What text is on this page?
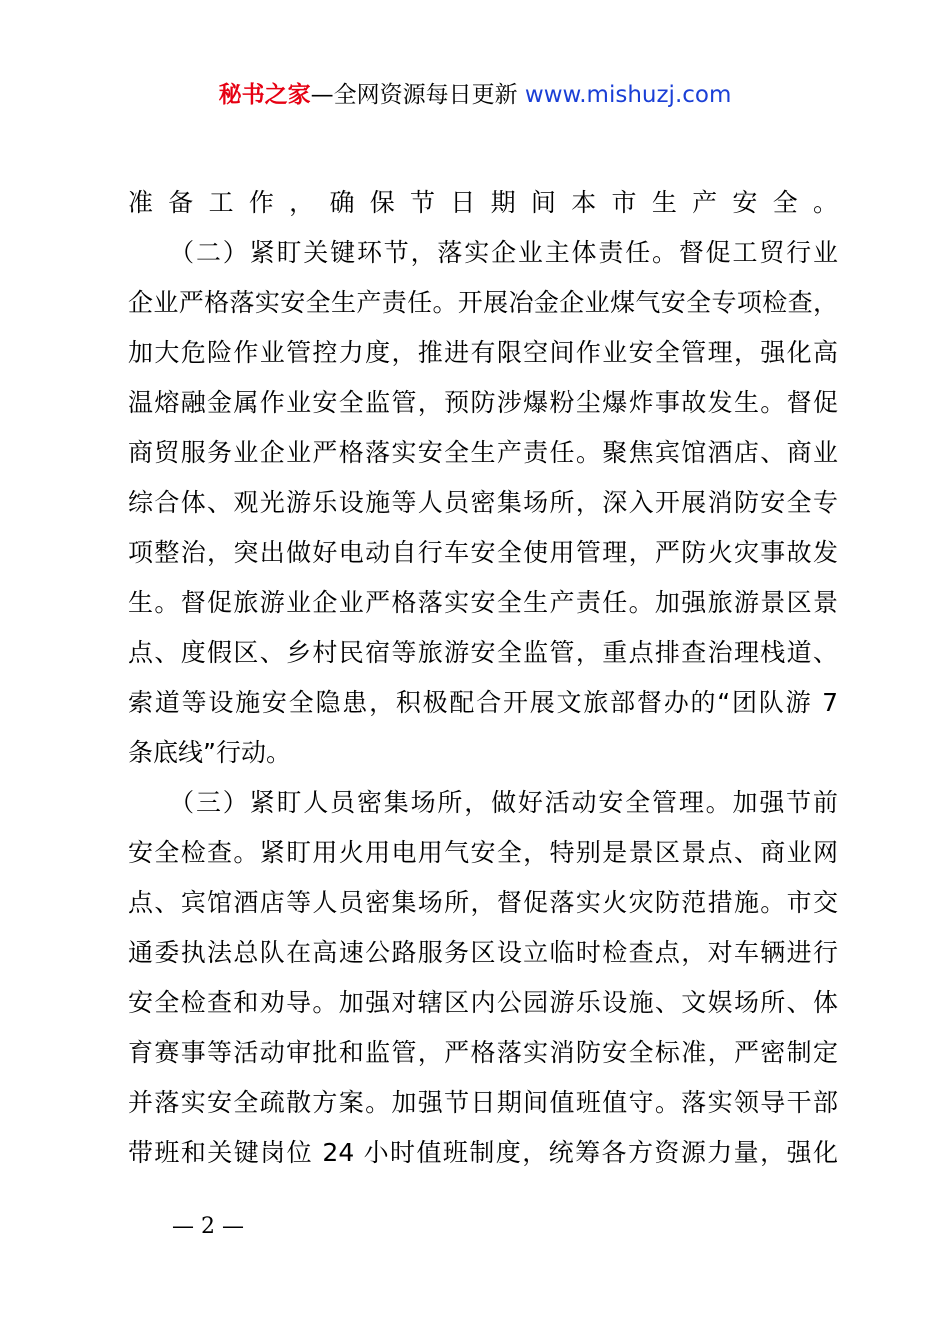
秘书之家—全网资源每日更新 www.mishuzj.com
准备工作，确保节日期间本市生产安全。
　　（二）紧盯关键环节，落实企业主体责任。督促工贸行业
企业严格落实安全生产责任。开展冶金企业煤气安全专项检查，
加大危险作业管控力度，推进有限空间作业安全管理，强化高
温熔融金属作业安全监管，预防涉爆粉尘爆炸事故发生。督促
商贸服务业企业严格落实安全生产责任。聚焦宾馆酒店、商业
综合体、观光游乐设施等人员密集场所，深入开展消防安全专
项整治，突出做好电动自行车安全使用管理，严防火灾事故发
生。督促旅游业企业严格落实安全生产责任。加强旅游景区景
点、度假区、乡村民宿等旅游安全监管，重点排查治理栈道、
索道等设施安全隐患，积极配合开展文旅部督办的“团队游 7
条底线”行动。
　　（三）紧盯人员密集场所，做好活动安全管理。加强节前
安全检查。紧盯用火用电用气安全，特别是景区景点、商业网
点、宾馆酒店等人员密集场所，督促落实火灾防范措施。市交
通委执法总队在高速公路服务区设立临时检查点，对车辆进行
安全检查和劝导。加强对辖区内公园游乐设施、文娱场所、体
育赛事等活动审批和监管，严格落实消防安全标准，严密制定
并落实安全疏散方案。加强节日期间值班值守。落实领导干部
带班和关键岗位 24 小时值班制度，统筹各方资源力量，强化
— 2 —
